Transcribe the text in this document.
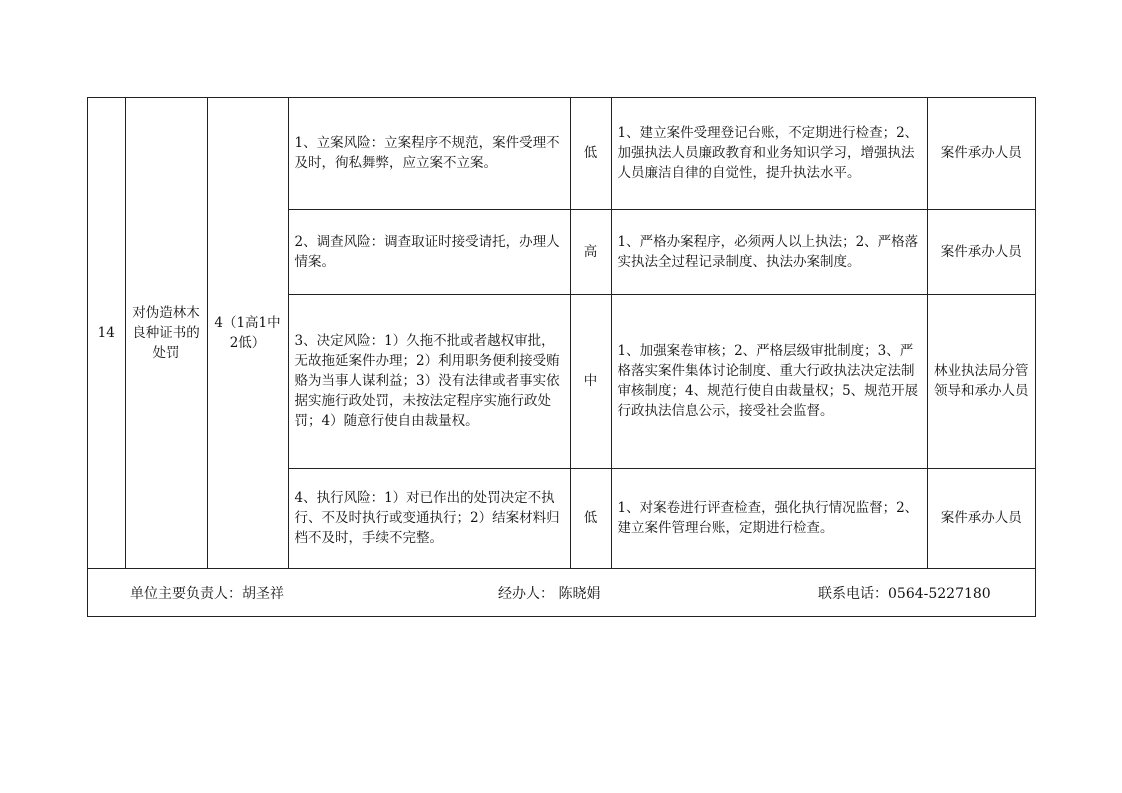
14	对伪造林木良种证书的处罚	4（1高1中2低）	1、立案风险：立案程序不规范，案件受理不及时，徇私舞弊，应立案不立案。	低	1、建立案件受理登记台账，不定期进行检查；2、加强执法人员廉政教育和业务知识学习，增强执法人员廉洁自律的自觉性，提升执法水平。	案件承办人员
			2、调查风险：调查取证时接受请托，办理人情案。	高	1、严格办案程序，必须两人以上执法；2、严格落实执法全过程记录制度、执法办案制度。	案件承办人员
			3、决定风险：1）久拖不批或者越权审批，无故拖延案件办理；2）利用职务便利接受贿赂为当事人谋利益；3）没有法律或者事实依据实施行政处罚，未按法定程序实施行政处罚；4）随意行使自由裁量权。	中	1、加强案卷审核；2、严格层级审批制度；3、严格落实案件集体讨论制度、重大行政执法决定法制审核制度；4、规范行使自由裁量权；5、规范开展行政执法信息公示，接受社会监督。	林业执法局分管领导和承办人员
			4、执行风险：1）对已作出的处罚决定不执行、不及时执行或变通执行；2）结案材料归档不及时，手续不完整。	低	1、对案卷进行评查检查，强化执行情况监督；2、建立案件管理台账，定期进行检查。	案件承办人员
单位主要负责人：胡圣祥	经办人： 陈晓娟	联系电话：0564-5227180
